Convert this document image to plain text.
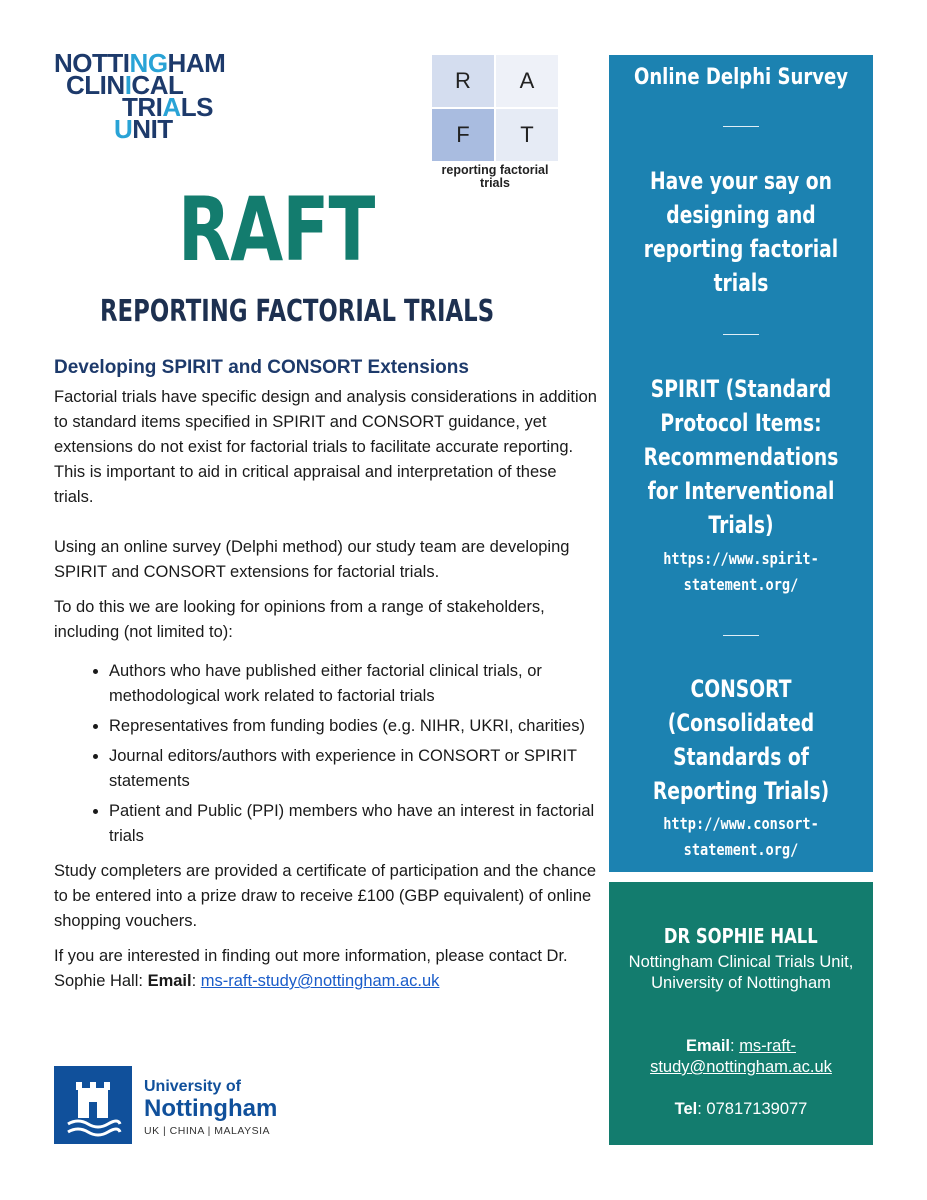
NOTTINGHAM
CLINICAL
TRIALS
UNIT
R	A
F	T
reporting factorial
trials
RAFT
REPORTING FACTORIAL TRIALS
Developing SPIRIT and CONSORT Extensions

Factorial trials have specific design and analysis considerations in addition to standard items specified in SPIRIT and CONSORT guidance, yet extensions do not exist for factorial trials to facilitate accurate reporting. This is important to aid in critical appraisal and interpretation of these trials.

Using an online survey (Delphi method) our study team are developing SPIRIT and CONSORT extensions for factorial trials.

To do this we are looking for opinions from a range of stakeholders, including (not limited to):

• Authors who have published either factorial clinical trials, or methodological work related to factorial trials
• Representatives from funding bodies (e.g. NIHR, UKRI, charities)
• Journal editors/authors with experience in CONSORT or SPIRIT statements
• Patient and Public (PPI) members who have an interest in factorial trials

Study completers are provided a certificate of participation and the chance to be entered into a prize draw to receive £100 (GBP equivalent) of online shopping vouchers.

If you are interested in finding out more information, please contact Dr. Sophie Hall: Email: ms-raft-study@nottingham.ac.uk

University of
Nottingham
UK | CHINA | MALAYSIA
Online Delphi Survey
Have your say on
designing and
reporting factorial
trials
SPIRIT (Standard
Protocol Items:
Recommendations
for Interventional
Trials)
https://www.spirit-
statement.org/
CONSORT
(Consolidated
Standards of
Reporting Trials)
http://www.consort-
statement.org/
DR SOPHIE HALL
Nottingham Clinical Trials Unit, University of Nottingham
Email: ms-raft-study@nottingham.ac.uk
Tel: 07817139077
